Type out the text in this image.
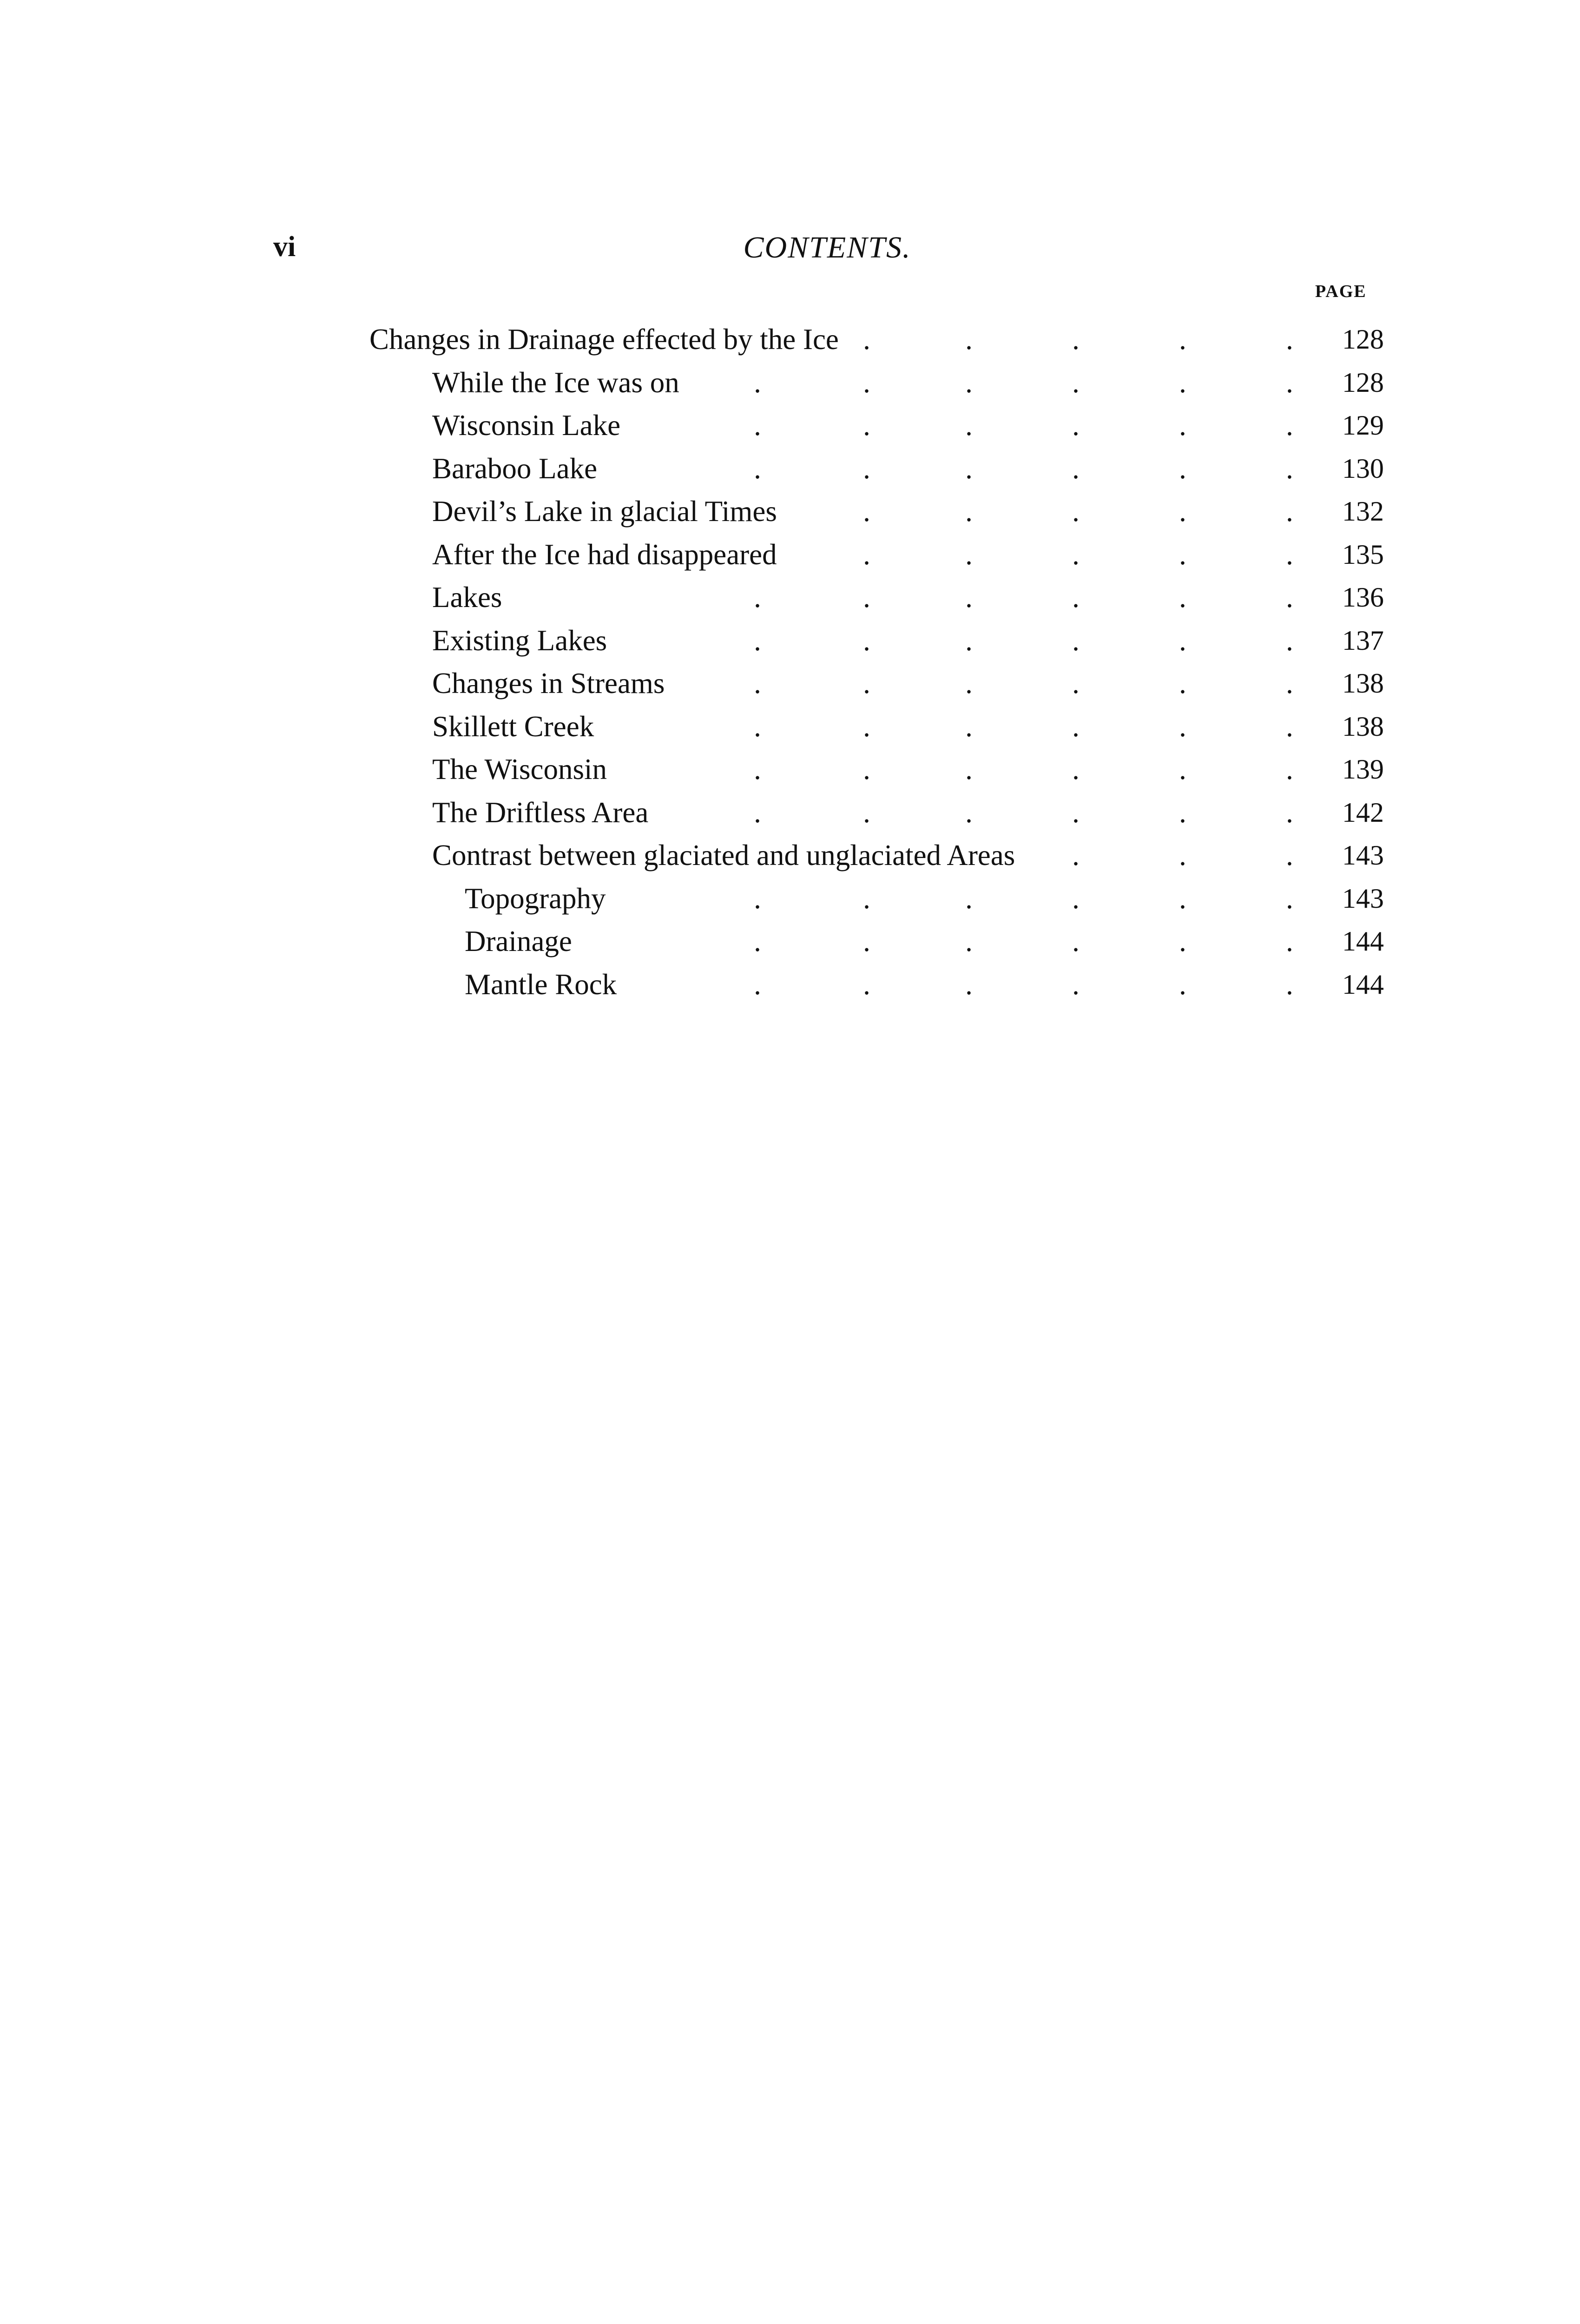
vi	CONTENTS.
PAGE
Changes in Drainage effected by the Ice .	.	.	.	. 128
While the Ice was on	.	.	.	.	.	. 128
Wisconsin Lake	.	.	.	.	.	. 129
Baraboo Lake	.	.	.	.	.	. 130
Devil’s Lake in glacial Times	.	.	.	.	. 132
After the Ice had disappeared	.	.	.	.	. 135
Lakes	.	.	.	.	.	. 136
Existing Lakes	.	.	.	.	.	. 137
Changes in Streams	.	.	.	.	.	. 138
Skillett Creek	.	.	.	.	.	. 138
The Wisconsin	.	.	.	.	.	. 139
The Driftless Area	.	.	.	.	.	. 142
Contrast between glaciated and unglaciated Areas .	.	. 143
Topography	.	.	.	.	.	. 143
Drainage	.	.	.	.	.	. 144
Mantle Rock	.	.	.	.	.	. 144
